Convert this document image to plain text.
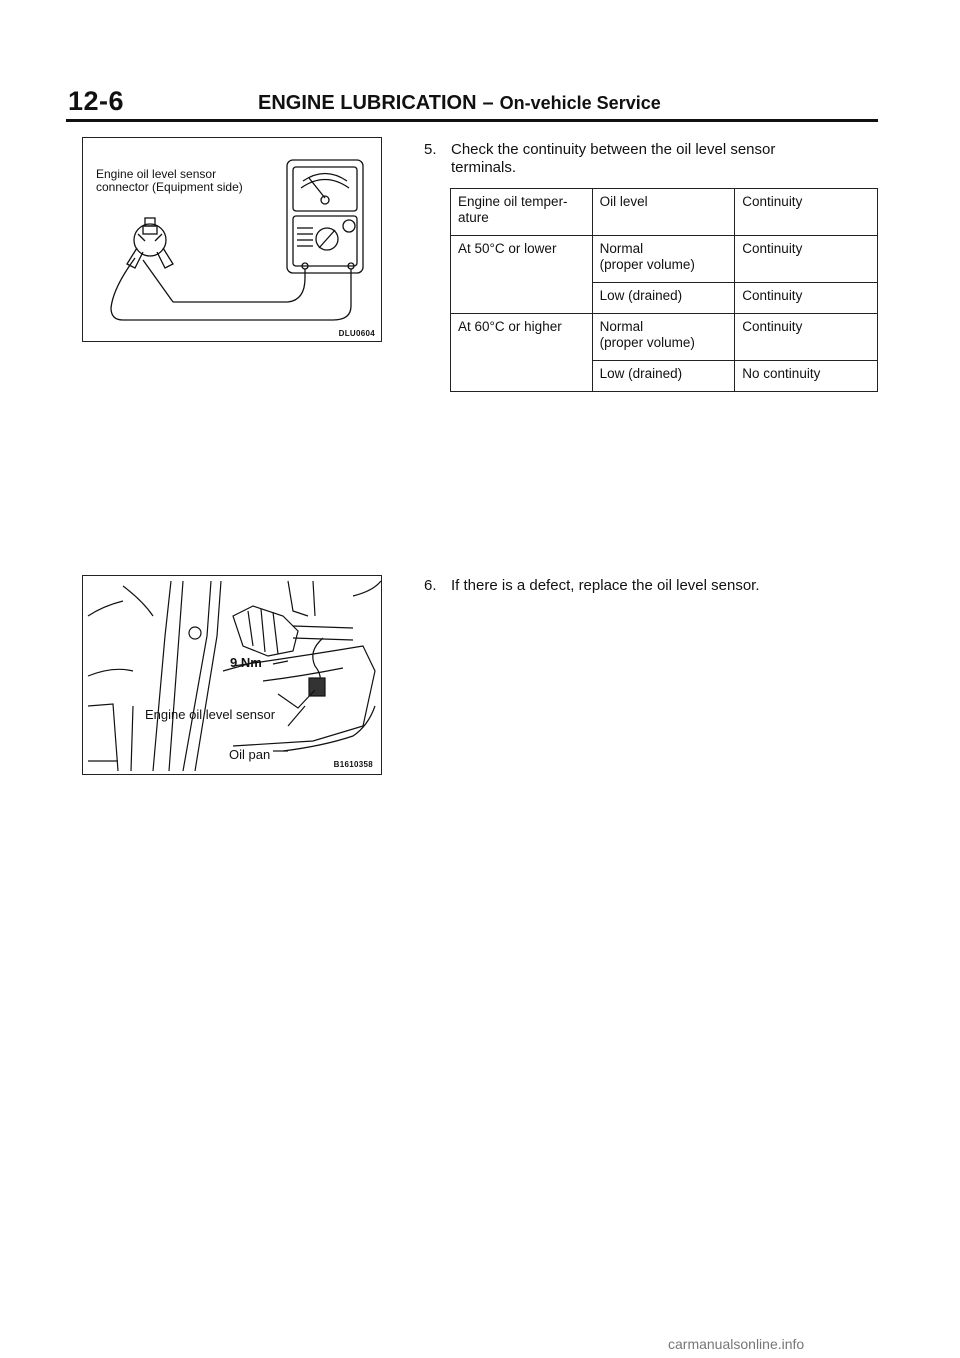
12-6	ENGINE LUBRICATION – On-vehicle Service
Engine oil level sensor
connector (Equipment side)
DLU0604
9 Nm
Engine oil level sensor
Oil pan
B1610358
5. Check the continuity between the oil level sensor
terminals.
Engine oil temper-
ature	Oil level	Continuity
At 50°C or lower	Normal
(proper volume)	Continuity
	Low (drained)	Continuity
At 60°C or higher	Normal
(proper volume)	Continuity
	Low (drained)	No continuity
6. If there is a defect, replace the oil level sensor.
carmanualsonline.info
